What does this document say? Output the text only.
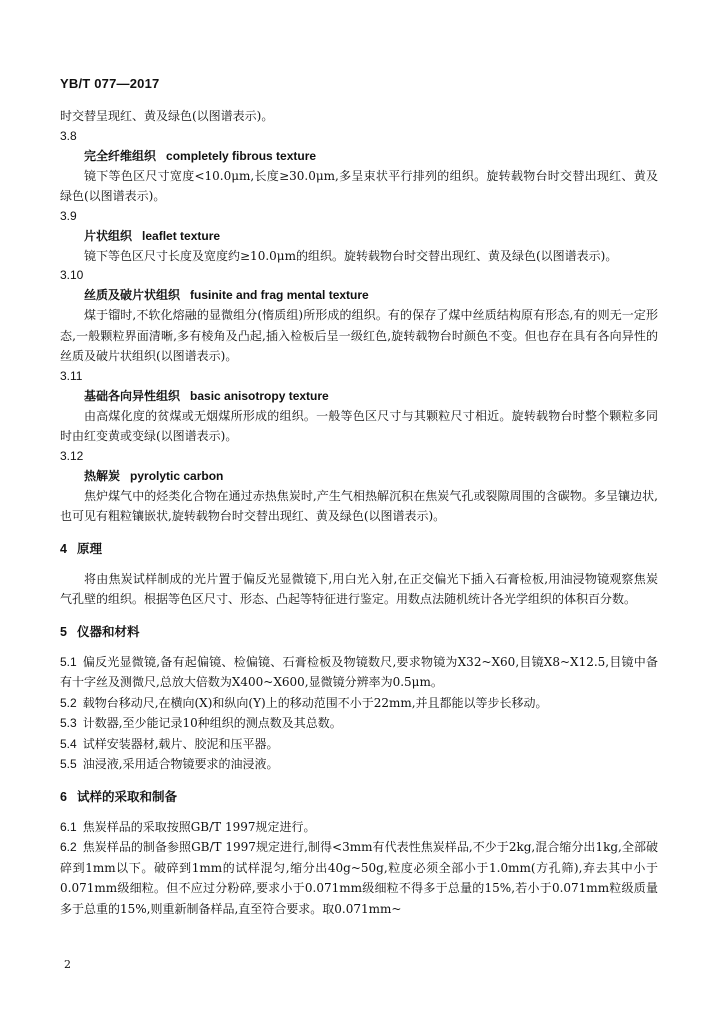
YB/T 077—2017

时交替呈现红、黄及绿色(以图谱表示)。

3.8

完全纤维组织 completely fibrous texture

镜下等色区尺寸宽度<10.0μm,长度≥30.0μm,多呈束状平行排列的组织。旋转载物台时交替出现红、黄及绿色(以图谱表示)。

3.9

片状组织 leaflet texture

镜下等色区尺寸长度及宽度约≥10.0μm的组织。旋转载物台时交替出现红、黄及绿色(以图谱表示)。

3.10

丝质及破片状组织 fusinite and frag mental texture

煤于镏时,不软化熔融的显微组分(惰质组)所形成的组织。有的保存了煤中丝质结构原有形态,有的则无一定形态,一般颗粒界面清晰,多有棱角及凸起,插入检板后呈一级红色,旋转载物台时颜色不变。但也存在具有各向异性的丝质及破片状组织(以图谱表示)。

3.11

基础各向异性组织 basic anisotropy texture

由高煤化度的贫煤或无烟煤所形成的组织。一般等色区尺寸与其颗粒尺寸相近。旋转载物台时整个颗粒多同时由红变黄或变绿(以图谱表示)。

3.12

热解炭 pyrolytic carbon

焦炉煤气中的烃类化合物在通过赤热焦炭时,产生气相热解沉积在焦炭气孔或裂隙周围的含碳物。多呈镶边状,也可见有粗粒镶嵌状,旋转载物台时交替出现红、黄及绿色(以图谱表示)。

4 原理

将由焦炭试样制成的光片置于偏反光显微镜下,用白光入射,在正交偏光下插入石膏检板,用油浸物镜观察焦炭气孔壁的组织。根据等色区尺寸、形态、凸起等特征进行鉴定。用数点法随机统计各光学组织的体积百分数。

5 仪器和材料

5.1 偏反光显微镜,备有起偏镜、检偏镜、石膏检板及物镜数尺,要求物镜为X32~X60,目镜X8~X12.5,目镜中备有十字丝及测微尺,总放大倍数为X400~X600,显微镜分辨率为0.5μm。

5.2 载物台移动尺,在横向(X)和纵向(Y)上的移动范围不小于22mm,并且都能以等步长移动。

5.3 计数器,至少能记录10种组织的测点数及其总数。

5.4 试样安装器材,载片、胶泥和压平器。

5.5 油浸液,采用适合物镜要求的油浸液。

6 试样的采取和制备

6.1 焦炭样品的采取按照GB/T 1997规定进行。

6.2 焦炭样品的制备参照GB/T 1997规定进行,制得<3mm有代表性焦炭样品,不少于2kg,混合缩分出1kg,全部破碎到1mm以下。破碎到1mm的试样混匀,缩分出40g~50g,粒度必须全部小于1.0mm(方孔筛),弃去其中小于0.071mm级细粒。但不应过分粉碎,要求小于0.071mm级细粒不得多于总量的15%,若小于0.071mm粒级质量多于总重的15%,则重新制备样品,直至符合要求。取0.071mm~

2
